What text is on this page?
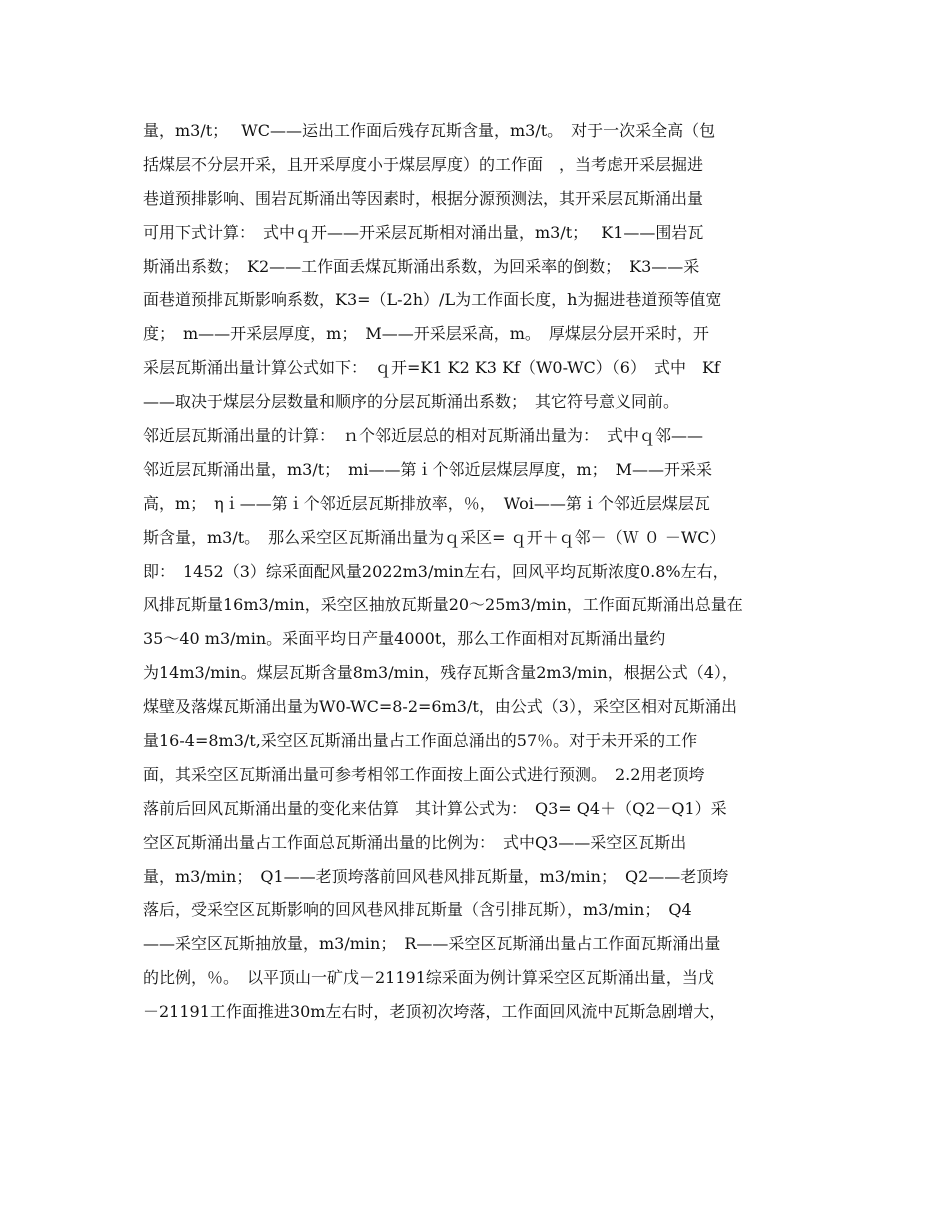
量，m3/t；　 WC——运出工作面后残存瓦斯含量，m3/t。　对于一次采全高（包
括煤层不分层开采，且开采厚度小于煤层厚度）的工作面　，当考虑开采层掘进
巷道预排影响、围岩瓦斯涌出等因素时，根据分源预测法，其开采层瓦斯涌出量
可用下式计算：　式中ｑ开——开采层瓦斯相对涌出量，m3/t；　 K1——围岩瓦
斯涌出系数；　K2——工作面丢煤瓦斯涌出系数，为回采率的倒数；　K3——采
面巷道预排瓦斯影响系数，K3=（L-2h）/L为工作面长度，h为掘进巷道预等值宽
度；　m——开采层厚度，m；　M——开采层采高，m。　厚煤层分层开采时，开
采层瓦斯涌出量计算公式如下：　ｑ开=K1 K2 K3 Kf（W0-WC）（6）　式中　Kf
——取决于煤层分层数量和顺序的分层瓦斯涌出系数；　其它符号意义同前。
邻近层瓦斯涌出量的计算：　ｎ个邻近层总的相对瓦斯涌出量为：　式中ｑ邻——
邻近层瓦斯涌出量，m3/t；　mi——第ｉ个邻近层煤层厚度，m；　M——开采采
高，m；　ηｉ——第ｉ个邻近层瓦斯排放率，％，　Woi——第ｉ个邻近层煤层瓦
斯含量，m3/t。　那么采空区瓦斯涌出量为ｑ采区= ｑ开＋ｑ邻－（Ｗ ０ －WC）
即：　1452（3）综采面配风量2022m3/min左右，回风平均瓦斯浓度0.8%左右，
风排瓦斯量16m3/min，采空区抽放瓦斯量20～25m3/min，工作面瓦斯涌出总量在
35～40 m3/min。采面平均日产量4000t，那么工作面相对瓦斯涌出量约
为14m3/min。煤层瓦斯含量8m3/min，残存瓦斯含量2m3/min，根据公式（4），
煤壁及落煤瓦斯涌出量为W0-WC=8-2=6m3/t，由公式（3），采空区相对瓦斯涌出
量16-4=8m3/t,采空区瓦斯涌出量占工作面总涌出的57％。对于未开采的工作
面，其采空区瓦斯涌出量可参考相邻工作面按上面公式进行预测。　2.2用老顶垮
落前后回风瓦斯涌出量的变化来估算　其计算公式为：　Q3= Q4＋（Q2－Q1）采
空区瓦斯涌出量占工作面总瓦斯涌出量的比例为：　式中Q3——采空区瓦斯出
量，m3/min；　Q1——老顶垮落前回风巷风排瓦斯量，m3/min；　Q2——老顶垮
落后，受采空区瓦斯影响的回风巷风排瓦斯量（含引排瓦斯），m3/min；　Q4
——采空区瓦斯抽放量，m3/min；　R——采空区瓦斯涌出量占工作面瓦斯涌出量
的比例，％。　以平顶山一矿戊－21191综采面为例计算采空区瓦斯涌出量，当戊
－21191工作面推进30m左右时，老顶初次垮落，工作面回风流中瓦斯急剧增大，
